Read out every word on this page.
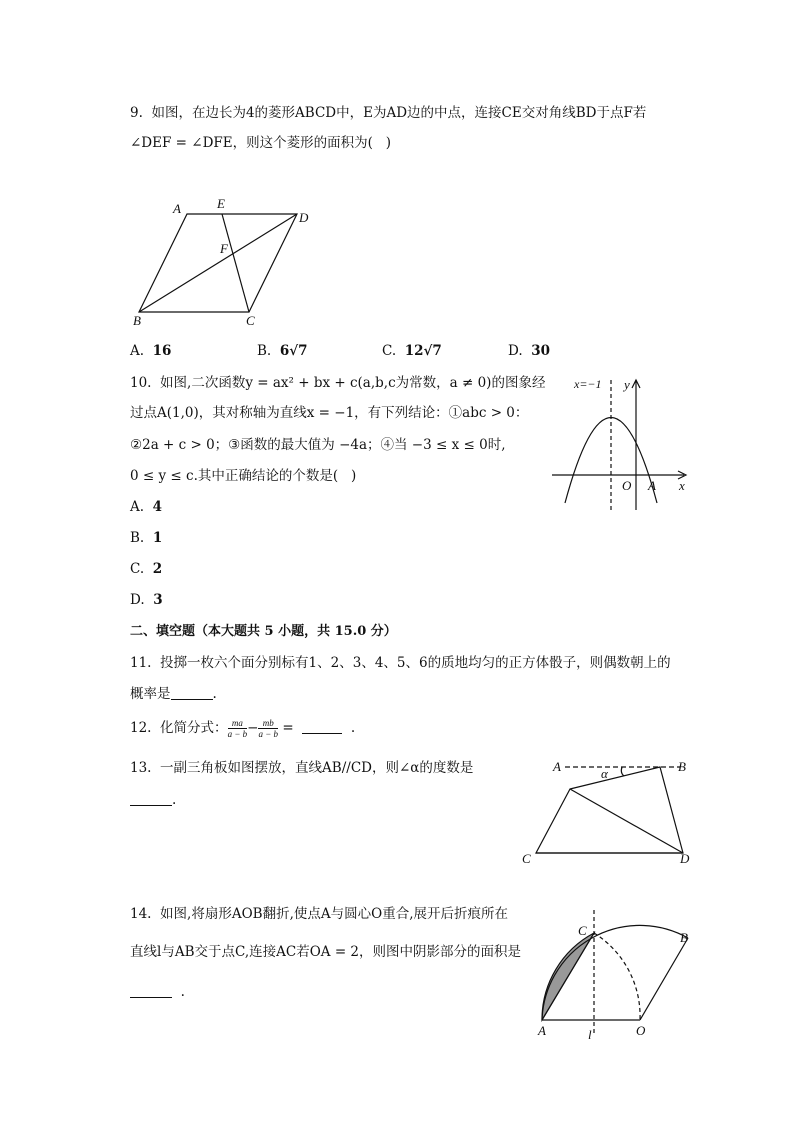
9.  如图，在边长为4的菱形ABCD中，E为AD边的中点，连接CE交对角线BD于点F若
∠DEF = ∠DFE，则这个菱形的面积为(   )
A	E
D
F
B	C
A. 16	B. 6√7	C. 12√7	D. 30
10.  如图,二次函数y = ax² + bx + c(a,b,c为常数，a ≠ 0)的图象经
过点A(1,0)，其对称轴为直线x = −1，有下列结论：①abc > 0：
②2a + c > 0；③函数的最大值为 −4a；④当 −3 ≤ x ≤ 0时,
0 ≤ y ≤ c.其中正确结论的个数是(   )
x=−1 y
x
O A
A. 4
B. 1
C. 2
D. 3
二、填空题（本大题共 5 小题，共 15.0 分）
11.  投掷一枚六个面分别标有1、2、3、4、5、6的质地均匀的正方体骰子，则偶数朝上的
概率是	.
12.  化简分式： $\frac{ma}{a - b} - \frac{mb}{a - b}$ =	.
13.  一副三角板如图摆放，直线AB//CD，则∠α的度数是
.
A	B
C	D
α
14.  如图,将扇形AOB翻折,使点A与圆心O重合,展开后折痕所在
直线l与AB交于点C,连接AC若OA = 2，则图中阴影部分的面积是
.
C	B
A	l	O
